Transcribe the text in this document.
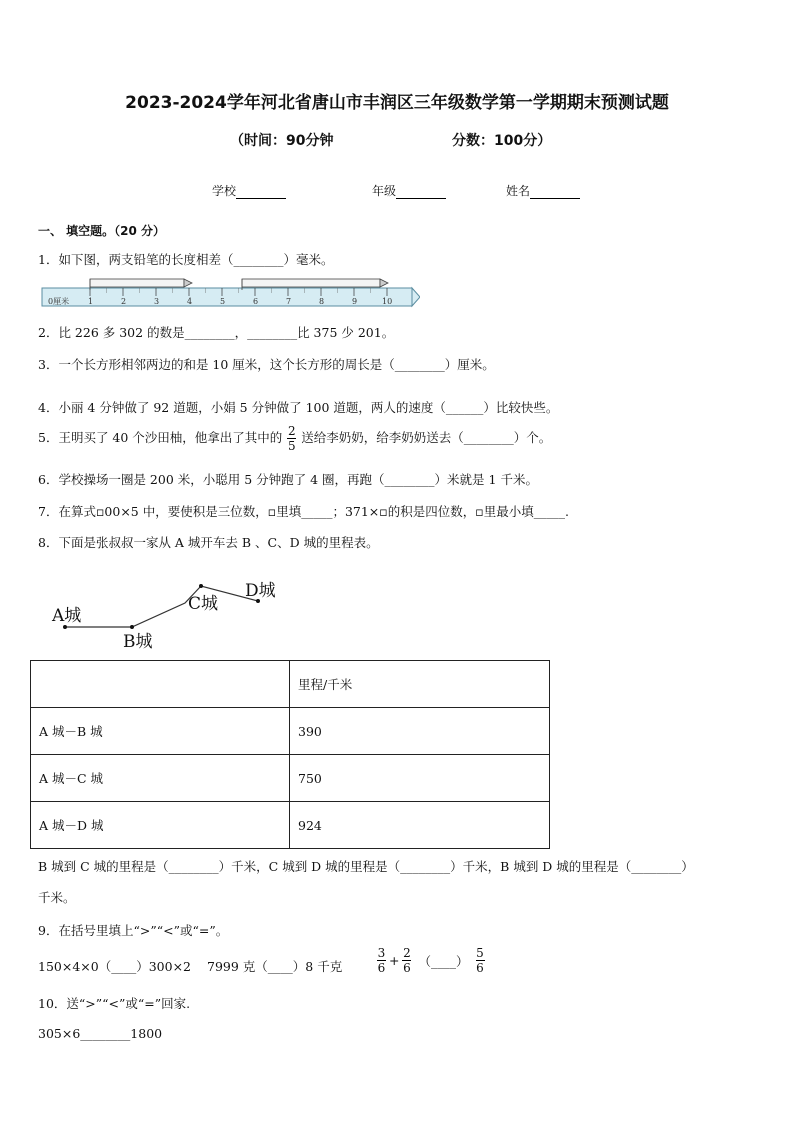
2023-2024学年河北省唐山市丰润区三年级数学第一学期期末预测试题
（时间：90分钟	分数：100分）
学校	年级	姓名
一、 填空题。（20 分）
1．如下图，两支铅笔的长度相差（________）毫米。
0厘米 1	2	3	4	5	6	7	8	9	10
2．比 226 多 302 的数是________，________比 375 少 201。
3．一个长方形相邻两边的和是 10 厘米，这个长方形的周长是（________）厘米。
4．小丽 4 分钟做了 92 道题，小娟 5 分钟做了 100 道题，两人的速度（______）比较快些。
5．王明买了 40 个沙田柚，他拿出了其中的 $\frac{2}{5}$ 送给李奶奶，给李奶奶送去（________）个。
6．学校操场一圈是 200 米，小聪用 5 分钟跑了 4 圈，再跑（________）米就是 1 千米。
7．在算式▫00×5 中，要使积是三位数，▫里填_____；371×▫的积是四位数，▫里最小填_____.
8．下面是张叔叔一家从 A 城开车去 B 、C、D 城的里程表。
A城
B城
C城
D城
	里程/千米
A 城－B 城	390
A 城－C 城	750
A 城－D 城	924
B 城到 C 城的里程是（________）千米，C 城到 D 城的里程是（________）千米，B 城到 D 城的里程是（________）
千米。
9．在括号里填上“>”“<”或“=”。
150×4×0（____）300×2 7999 克（____）8 千克	$\frac{3}{6} + \frac{2}{6}$ （____） $\frac{5}{6}$
10．送“>”“<”或“=”回家.
305×6________1800
